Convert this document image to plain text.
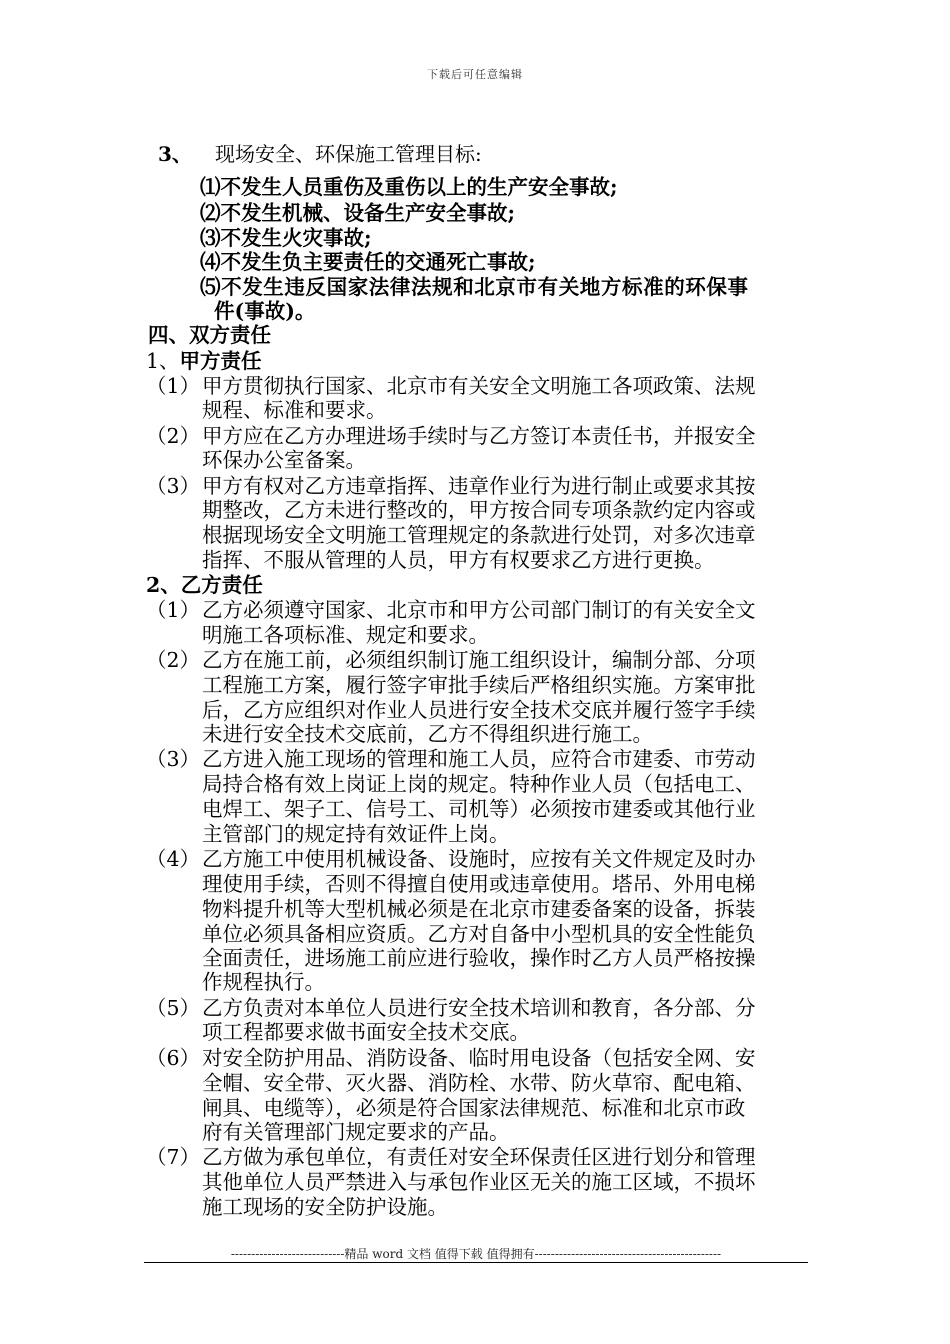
下载后可任意编辑
3、 现场安全、环保施工管理目标:
⑴不发生人员重伤及重伤以上的生产安全事故;
⑵不发生机械、设备生产安全事故;
⑶不发生火灾事故;
⑷不发生负主要责任的交通死亡事故;
⑸不发生违反国家法律法规和北京市有关地方标准的环保事
件(事故)。
四、双方责任
1、甲方责任
（1） 甲方贯彻执行国家、北京市有关安全文明施工各项政策、法规
规程、标准和要求。
（2） 甲方应在乙方办理进场手续时与乙方签订本责任书，并报安全
环保办公室备案。
（3） 甲方有权对乙方违章指挥、违章作业行为进行制止或要求其按
期整改，乙方未进行整改的，甲方按合同专项条款约定内容或
根据现场安全文明施工管理规定的条款进行处罚，对多次违章
指挥、不服从管理的人员，甲方有权要求乙方进行更换。
2、乙方责任
（1） 乙方必须遵守国家、北京市和甲方公司部门制订的有关安全文
明施工各项标准、规定和要求。
（2） 乙方在施工前，必须组织制订施工组织设计，编制分部、分项
工程施工方案，履行签字审批手续后严格组织实施。方案审批
后，乙方应组织对作业人员进行安全技术交底并履行签字手续
未进行安全技术交底前，乙方不得组织进行施工。
（3） 乙方进入施工现场的管理和施工人员，应符合市建委、市劳动
局持合格有效上岗证上岗的规定。特种作业人员（包括电工、
电焊工、架子工、信号工、司机等）必须按市建委或其他行业
主管部门的规定持有效证件上岗。
（4） 乙方施工中使用机械设备、设施时，应按有关文件规定及时办
理使用手续，否则不得擅自使用或违章使用。塔吊、外用电梯
物料提升机等大型机械必须是在北京市建委备案的设备，拆装
单位必须具备相应资质。乙方对自备中小型机具的安全性能负
全面责任，进场施工前应进行验收，操作时乙方人员严格按操
作规程执行。
（5） 乙方负责对本单位人员进行安全技术培训和教育，各分部、分
项工程都要求做书面安全技术交底。
（6） 对安全防护用品、消防设备、临时用电设备（包括安全网、安
全帽、安全带、灭火器、消防栓、水带、防火草帘、配电箱、
闸具、电缆等），必须是符合国家法律规范、标准和北京市政
府有关管理部门规定要求的产品。
（7） 乙方做为承包单位，有责任对安全环保责任区进行划分和管理
其他单位人员严禁进入与承包作业区无关的施工区域，不损坏
施工现场的安全防护设施。
----------------------------精品 word 文档 值得下载 值得拥有----------------------------------------------
